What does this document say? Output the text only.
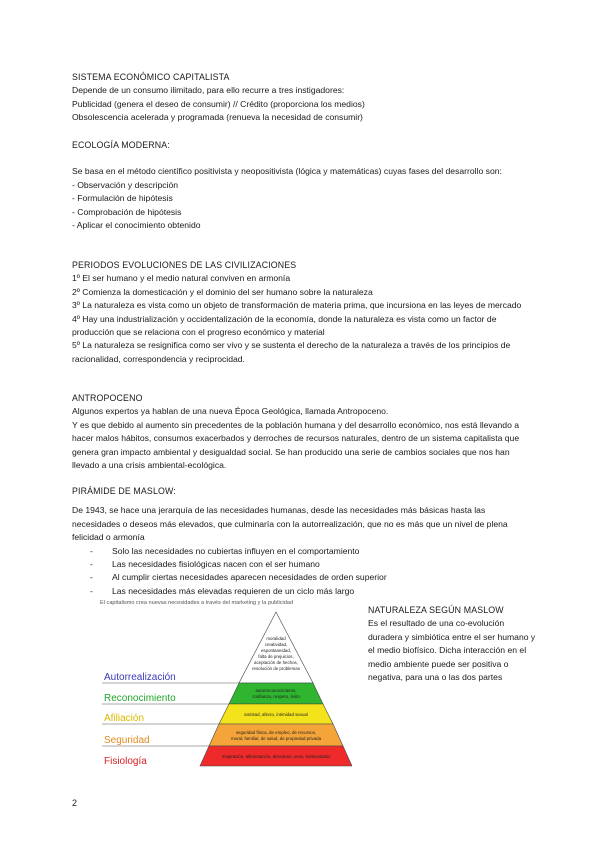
SISTEMA ECONÓMICO CAPITALISTA

Depende de un consumo ilimitado, para ello recurre a tres instigadores:

Publicidad (genera el deseo de consumir) // Crédito (proporciona los medios)

Obsolescencia acelerada y programada (renueva la necesidad de consumir)

ECOLOGÍA MODERNA:

Se basa en el método científico positivista y neopositivista (lógica y matemáticas) cuyas fases del desarrollo son:

- Observación y descripción
- Formulación de hipótesis
- Comprobación de hipótesis
- Aplicar el conocimiento obtenido

PERIODOS EVOLUCIONES DE LAS CIVILIZACIONES

1º El ser humano y el medio natural conviven en armonía
2º Comienza la domesticación y el dominio del ser humano sobre la naturaleza
3º La naturaleza es vista como un objeto de transformación de materia prima, que incursiona en las leyes de mercado
4º Hay una industrialización y occidentalización de la economía, donde la naturaleza es vista como un factor de producción que se relaciona con el progreso económico y material
5º La naturaleza se resignifica como ser vivo y se sustenta el derecho de la naturaleza a través de los principios de racionalidad, correspondencia y reciprocidad.

ANTROPOCENO

Algunos expertos ya hablan de una nueva Época Geológica, llamada Antropoceno.

Y es que debido al aumento sin precedentes de la población humana y del desarrollo económico, nos está llevando a hacer malos hábitos, consumos exacerbados y derroches de recursos naturales, dentro de un sistema capitalista que genera gran impacto ambiental y desigualdad social. Se han producido una serie de cambios sociales que nos han llevado a una crisis ambiental-ecológica.

PIRÁMIDE DE MASLOW:

De 1943, se hace una jerarquía de las necesidades humanas, desde las necesidades más básicas hasta las necesidades o deseos más elevados, que culminaría con la autorrealización, que no es más que un nivel de plena felicidad o armonía

- Solo las necesidades no cubiertas influyen en el comportamiento
- Las necesidades fisiológicas nacen con el ser humano
- Al cumplir ciertas necesidades aparecen necesidades de orden superior
- Las necesidades más elevadas requieren de un ciclo más largo
El capitalismo crea nuevas necesidades a través del marketing y la publicidad
Autorrealización
Reconocimiento
Afiliación
Seguridad
Fisiología
moralidad
creatividad,
espontaneidad,
falta de prejuicios,
aceptación de hechos,
resolución de problemas
autorreconocimiento,
confianza, respeto, éxito
amistad, afecto, intimidad sexual
seguridad física, de empleo, de recursos,
moral, familiar, de salud, de propiedad privada
respiración, alimentación, descanso, sexo, homeostasis

NATURALEZA SEGÚN MASLOW

Es el resultado de una co-evolución duradera y simbiótica entre el ser humano y el medio biofísico. Dicha interacción en el medio ambiente puede ser positiva o negativa, para una o las dos partes

2
